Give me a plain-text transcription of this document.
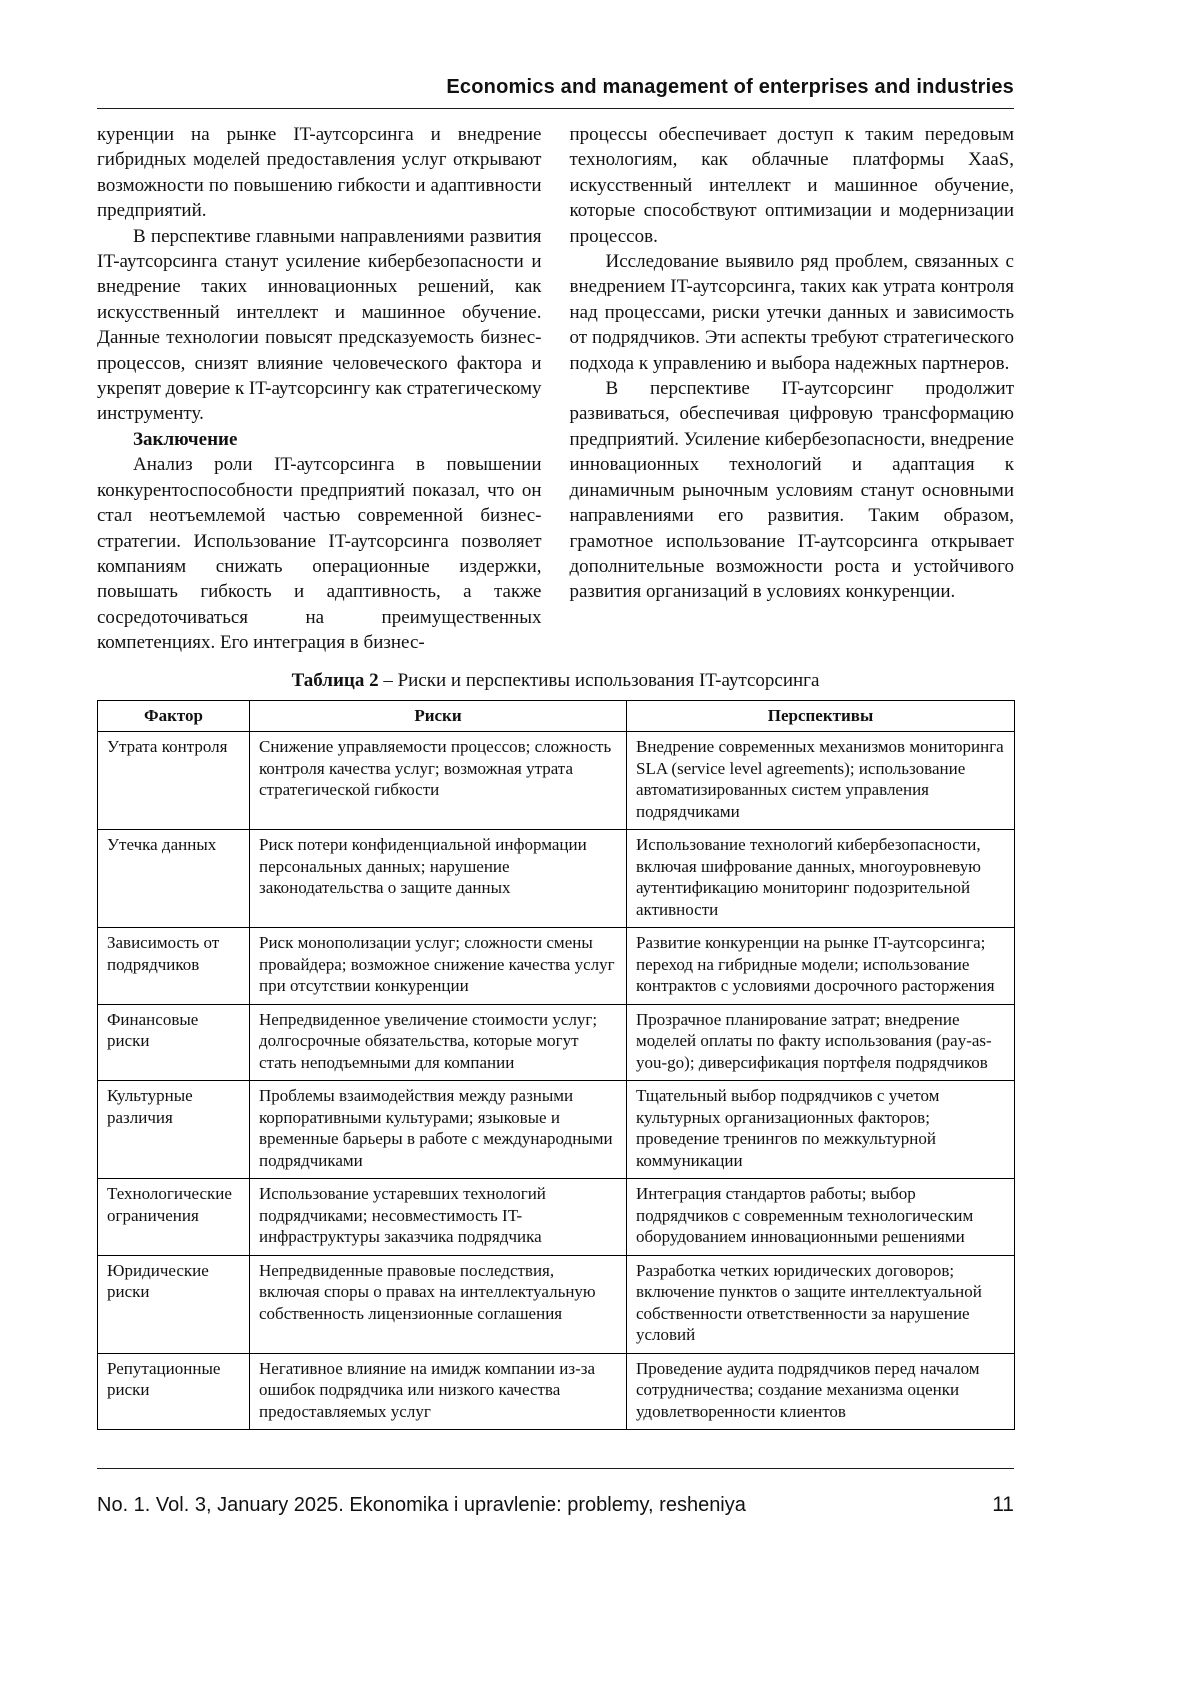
Economics and management of enterprises and industries

куренции на рынке IT-аутсорсинга и внедрение гибридных моделей предоставления услуг открывают возможности по повышению гибкости и адаптивности предприятий.

В перспективе главными направлениями развития IT-аутсорсинга станут усиление кибербезопасности и внедрение таких инновационных решений, как искусственный интеллект и машинное обучение. Данные технологии повысят предсказуемость бизнес-процессов, снизят влияние человеческого фактора и укрепят доверие к IT-аутсорсингу как стратегическому инструменту.

Заключение

Анализ роли IT-аутсорсинга в повышении конкурентоспособности предприятий показал, что он стал неотъемлемой частью современной бизнес-стратегии. Использование IT-аутсорсинга позволяет компаниям снижать операционные издержки, повышать гибкость и адаптивность, а также сосредоточиваться на преимущественных компетенциях. Его интеграция в бизнес-

процессы обеспечивает доступ к таким передовым технологиям, как облачные платформы XaaS, искусственный интеллект и машинное обучение, которые способствуют оптимизации и модернизации процессов.

Исследование выявило ряд проблем, связанных с внедрением IT-аутсорсинга, таких как утрата контроля над процессами, риски утечки данных и зависимость от подрядчиков. Эти аспекты требуют стратегического подхода к управлению и выбора надежных партнеров.

В перспективе IT-аутсорсинг продолжит развиваться, обеспечивая цифровую трансформацию предприятий. Усиление кибербезопасности, внедрение инновационных технологий и адаптация к динамичным рыночным условиям станут основными направлениями его развития. Таким образом, грамотное использование IT-аутсорсинга открывает дополнительные возможности роста и устойчивого развития организаций в условиях конкуренции.

Таблица 2 – Риски и перспективы использования IT-аутсорсинга
Фактор	Риски	Перспективы
Утрата контроля	Снижение управляемости процессов; сложность контроля качества услуг; возможная утрата стратегической гибкости	Внедрение современных механизмов мониторинга SLA (service level agreements); использование автоматизированных систем управления подрядчиками
Утечка данных	Риск потери конфиденциальной информации персональных данных; нарушение законодательства о защите данных	Использование технологий кибербезопасности, включая шифрование данных, многоуровневую аутентификацию мониторинг подозрительной активности
Зависимость от подрядчиков	Риск монополизации услуг; сложности смены провайдера; возможное снижение качества услуг при отсутствии конкуренции	Развитие конкуренции на рынке IT-аутсорсинга; переход на гибридные модели; использование контрактов с условиями досрочного расторжения
Финансовые риски	Непредвиденное увеличение стоимости услуг; долгосрочные обязательства, которые могут стать неподъемными для компании	Прозрачное планирование затрат; внедрение моделей оплаты по факту использования (pay-as-you-go); диверсификация портфеля подрядчиков
Культурные различия	Проблемы взаимодействия между разными корпоративными культурами; языковые и временные барьеры в работе с международными подрядчиками	Тщательный выбор подрядчиков с учетом культурных организационных факторов; проведение тренингов по межкультурной коммуникации
Технологические ограничения	Использование устаревших технологий подрядчиками; несовместимость IT-инфраструктуры заказчика подрядчика	Интеграция стандартов работы; выбор подрядчиков с современным технологическим оборудованием инновационными решениями
Юридические риски	Непредвиденные правовые последствия, включая споры о правах на интеллектуальную собственность лицензионные соглашения	Разработка четких юридических договоров; включение пунктов о защите интеллектуальной собственности ответственности за нарушение условий
Репутационные риски	Негативное влияние на имидж компании из-за ошибок подрядчика или низкого качества предоставляемых услуг	Проведение аудита подрядчиков перед началом сотрудничества; создание механизма оценки удовлетворенности клиентов
No. 1. Vol. 3, January 2025. Ekonomika i upravlenie: problemy, resheniya	11
